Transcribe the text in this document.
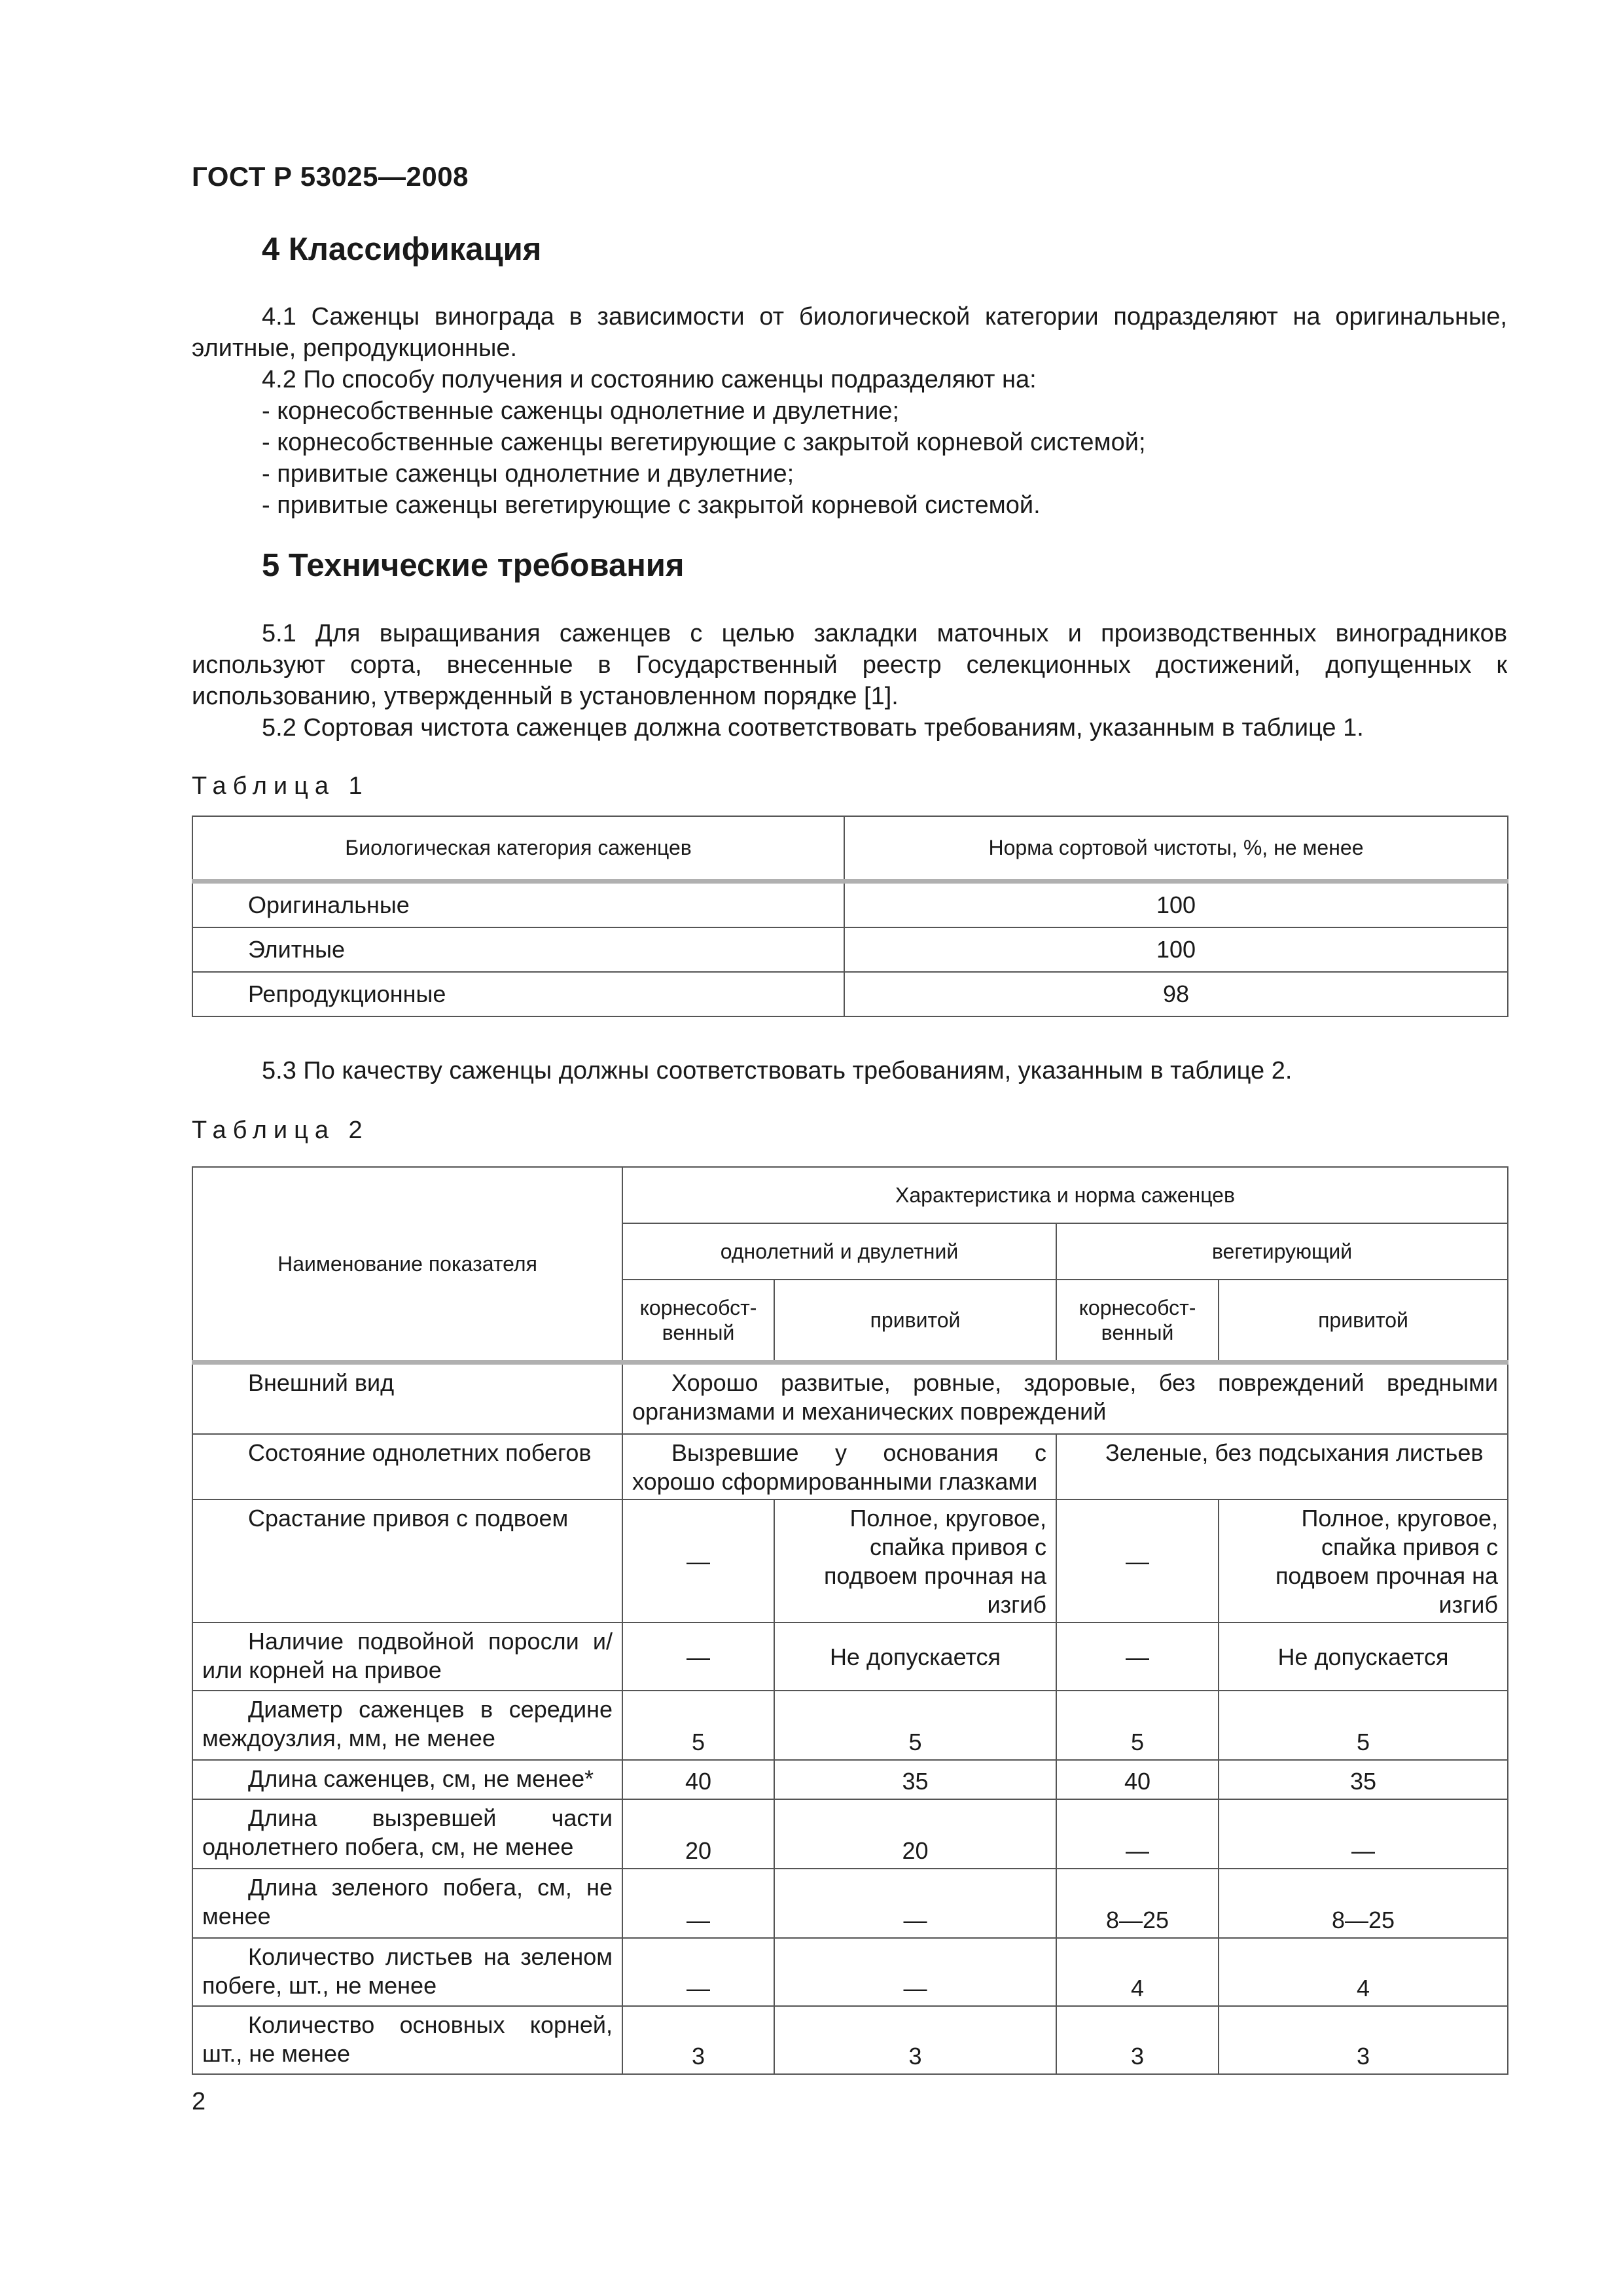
ГОСТ Р 53025—2008
4 Классификация

4.1 Саженцы винограда в зависимости от биологической категории подразделяют на оригинальные, элитные, репродукционные.

4.2 По способу получения и состоянию саженцы подразделяют на:

- корнесобственные саженцы однолетние и двулетние;
- корнесобственные саженцы вегетирующие с закрытой корневой системой;
- привитые саженцы однолетние и двулетние;
- привитые саженцы вегетирующие с закрытой корневой системой.
5 Технические требования

5.1 Для выращивания саженцев с целью закладки маточных и производственных виноградников используют сорта, внесенные в Государственный реестр селекционных достижений, допущенных к использованию, утвержденный в установленном порядке [1].

5.2 Сортовая чистота саженцев должна соответствовать требованиям, указанным в таблице 1.

Таблица 1
Биологическая категория саженцев	Норма сортовой чистоты, %, не менее
Оригинальные	100
Элитные	100
Репродукционные	98

5.3 По качеству саженцы должны соответствовать требованиям, указанным в таблице 2.

Таблица 2
Наименование показателя	Характеристика и норма саженцев			
	однолетний и двулетний		вегетирующий	
	корнесобст-венный	привитой	корнесобст-венный	привитой
Внешний вид	Хорошо развитые, ровные, здоровые, без повреждений вредными организмами и механических повреждений			
Состояние однолетних побегов	Вызревшие у основания с хорошо сформированными глазками		Зеленые, без подсыхания листьев	
Срастание привоя с подвоем	—	Полное, круговое, спайка привоя с подвоем прочная на изгиб	—	Полное, круговое, спайка привоя с подвоем прочная на изгиб
Наличие подвойной поросли и/или корней на привое	—	Не допускается	—	Не допускается
Диаметр саженцев в середине междоузлия, мм, не менее	5	5	5	5
Длина саженцев, см, не менее*	40	35	40	35
Длина вызревшей части однолетнего побега, см, не менее	20	20	—	—
Длина зеленого побега, см, не менее	—	—	8—25	8—25
Количество листьев на зеленом побеге, шт., не менее	—	—	4	4
Количество основных корней, шт., не менее	3	3	3	3
2
